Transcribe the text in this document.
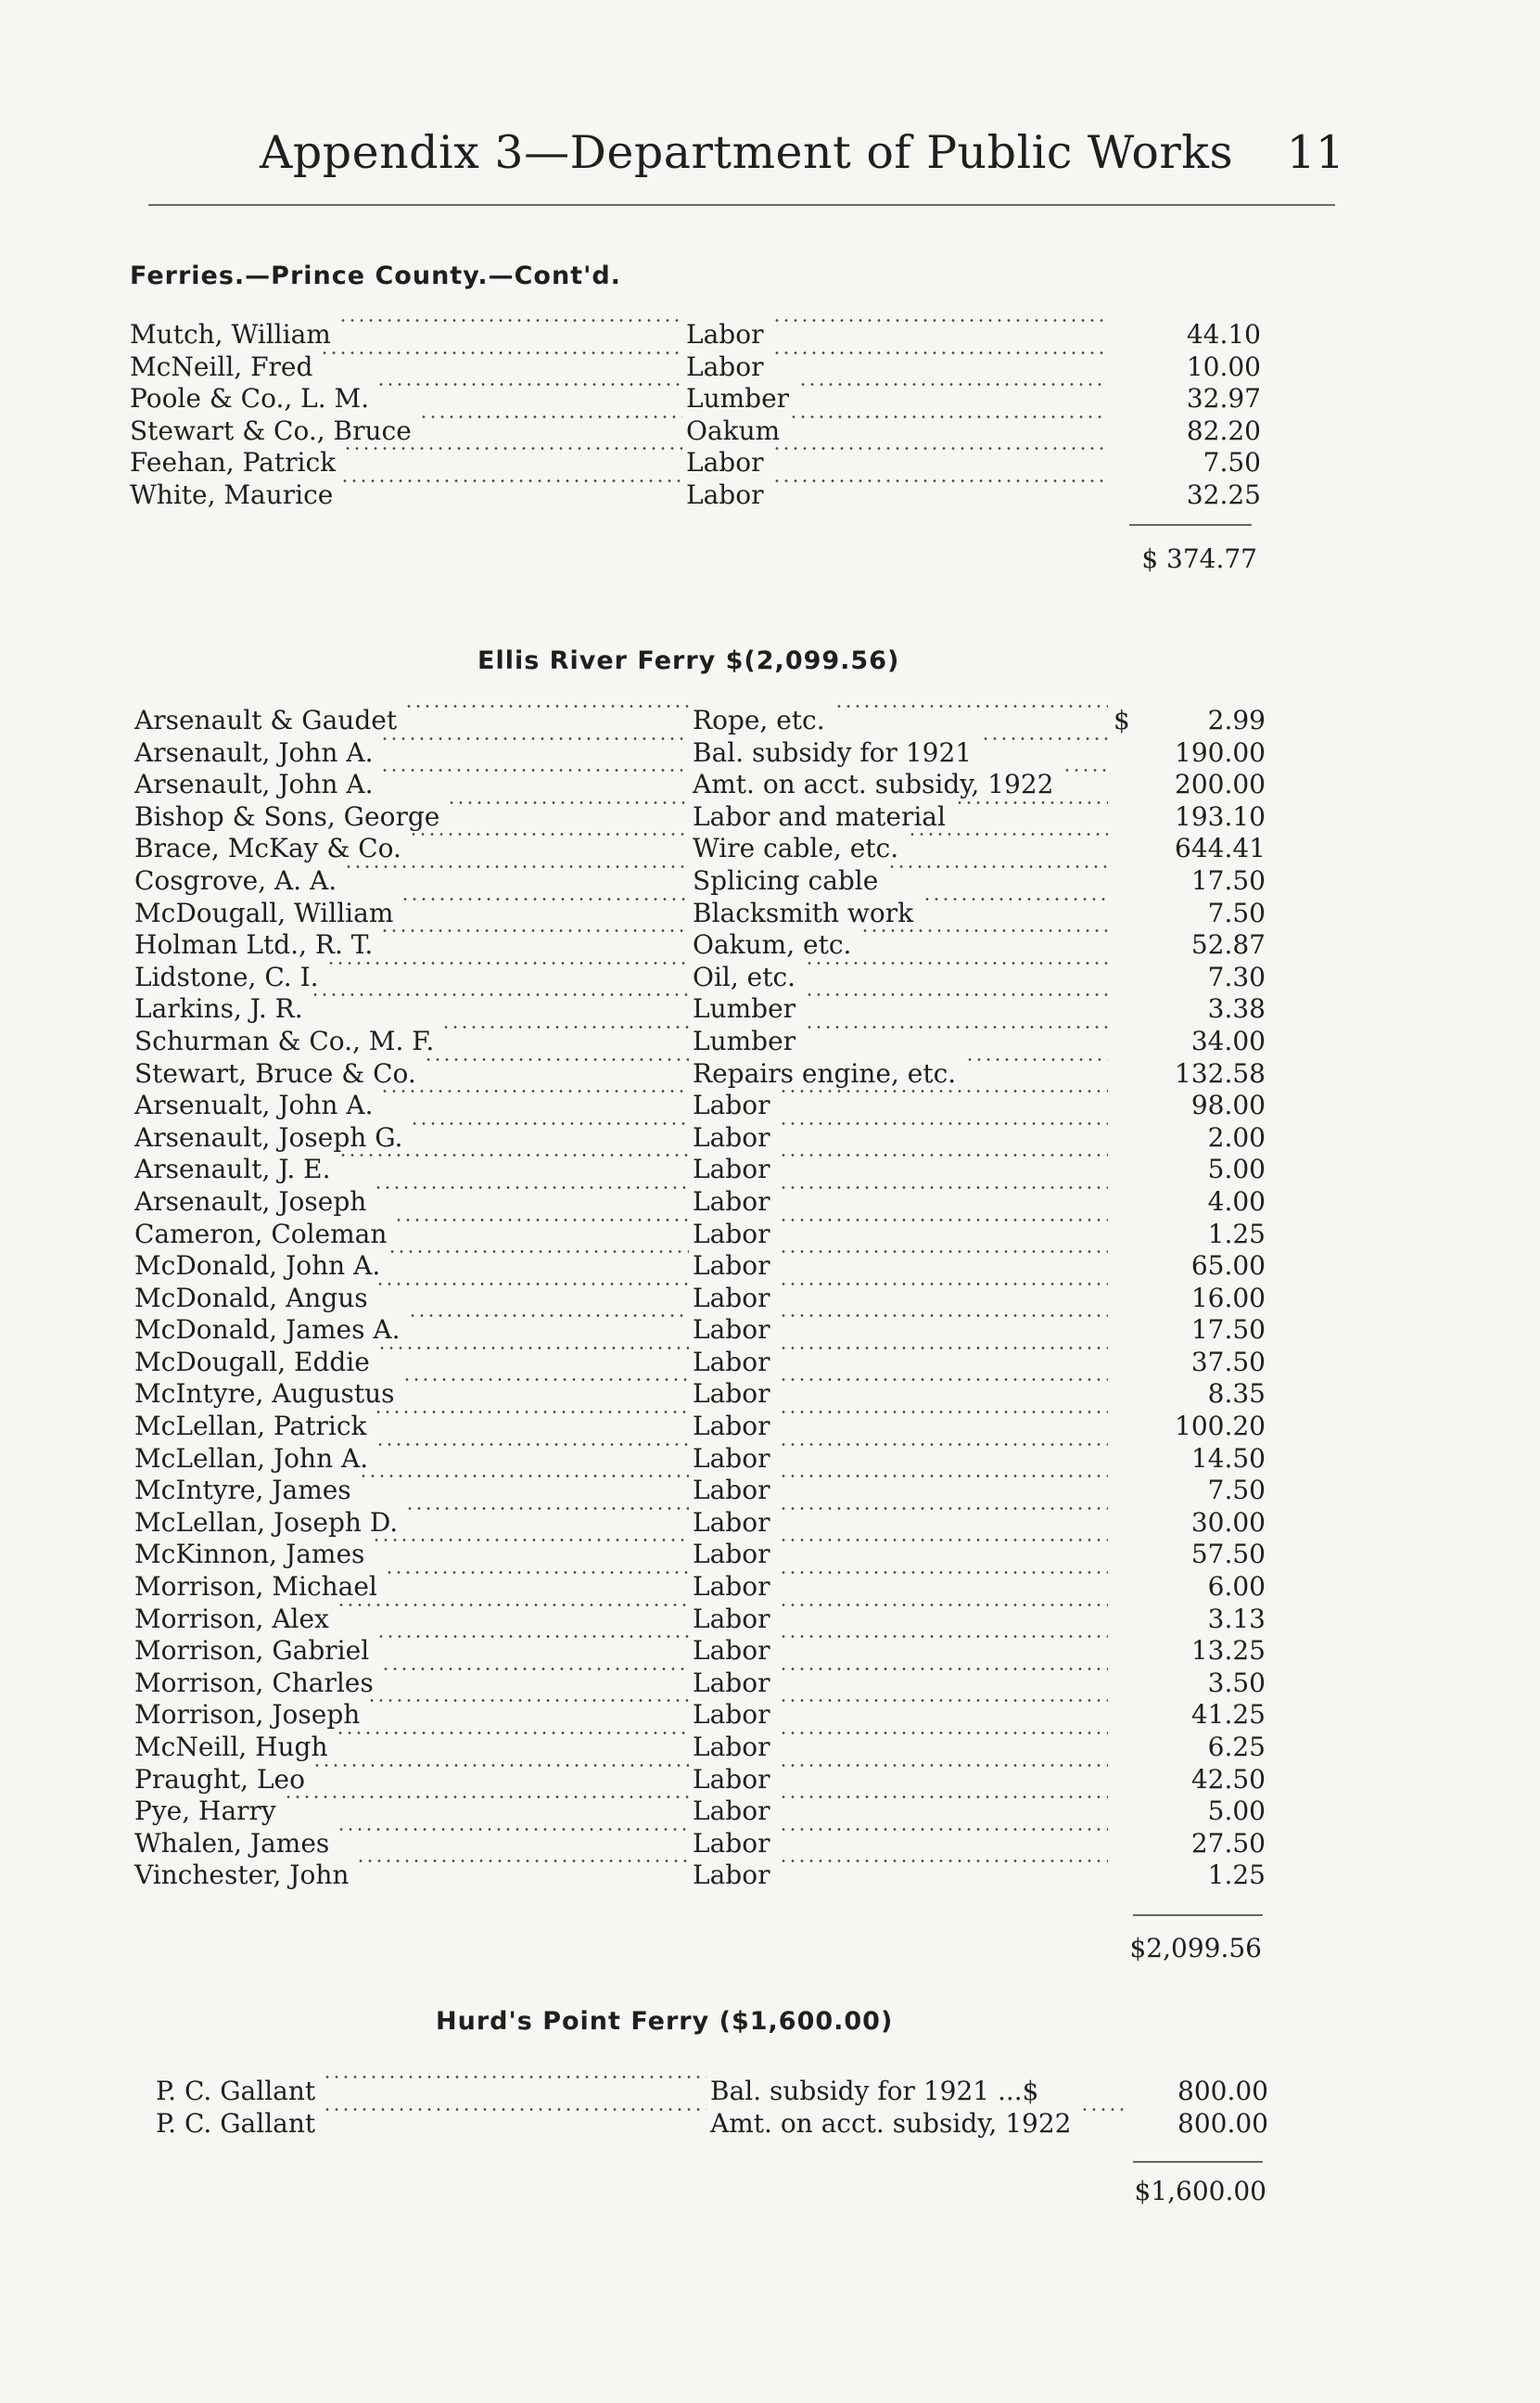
Appendix 3—Department of Public Works 11
Ferries.—Prince County.—Cont'd.
Mutch, William	Labor	44.10
McNeill, Fred	Labor	10.00
Poole & Co., L. M.	Lumber	32.97
Stewart & Co., Bruce	Oakum	82.20
Feehan, Patrick	Labor	7.50
White, Maurice	Labor	32.25
$ 374.77
Ellis River Ferry $(2,099.56)
Arsenault & Gaudet	Rope, etc.	$	2.99
Arsenault, John A.	Bal. subsidy for 1921	190.00
Arsenault, John A.	Amt. on acct. subsidy, 1922	200.00
Bishop & Sons, George	Labor and material	193.10
Brace, McKay & Co.	Wire cable, etc.	644.41
Cosgrove, A. A.	Splicing cable	17.50
McDougall, William	Blacksmith work	7.50
Holman Ltd., R. T.	Oakum, etc.	52.87
Lidstone, C. I.	Oil, etc.	7.30
Larkins, J. R.	Lumber	3.38
Schurman & Co., M. F.	Lumber	34.00
Stewart, Bruce & Co.	Repairs engine, etc.	132.58
Arsenualt, John A.	Labor	98.00
Arsenault, Joseph G.	Labor	2.00
Arsenault, J. E.	Labor	5.00
Arsenault, Joseph	Labor	4.00
Cameron, Coleman	Labor	1.25
McDonald, John A.	Labor	65.00
McDonald, Angus	Labor	16.00
McDonald, James A.	Labor	17.50
McDougall, Eddie	Labor	37.50
McIntyre, Augustus	Labor	8.35
McLellan, Patrick	Labor	100.20
McLellan, John A.	Labor	14.50
McIntyre, James	Labor	7.50
McLellan, Joseph D.	Labor	30.00
McKinnon, James	Labor	57.50
Morrison, Michael	Labor	6.00
Morrison, Alex	Labor	3.13
Morrison, Gabriel	Labor	13.25
Morrison, Charles	Labor	3.50
Morrison, Joseph	Labor	41.25
McNeill, Hugh	Labor	6.25
Praught, Leo	Labor	42.50
Pye, Harry	Labor	5.00
Whalen, James	Labor	27.50
Vinchester, John	Labor	1.25
$2,099.56
Hurd's Point Ferry ($1,600.00)
P. C. Gallant	Bal. subsidy for 1921 ...$	800.00
P. C. Gallant	Amt. on acct. subsidy, 1922	800.00
$1,600.00
